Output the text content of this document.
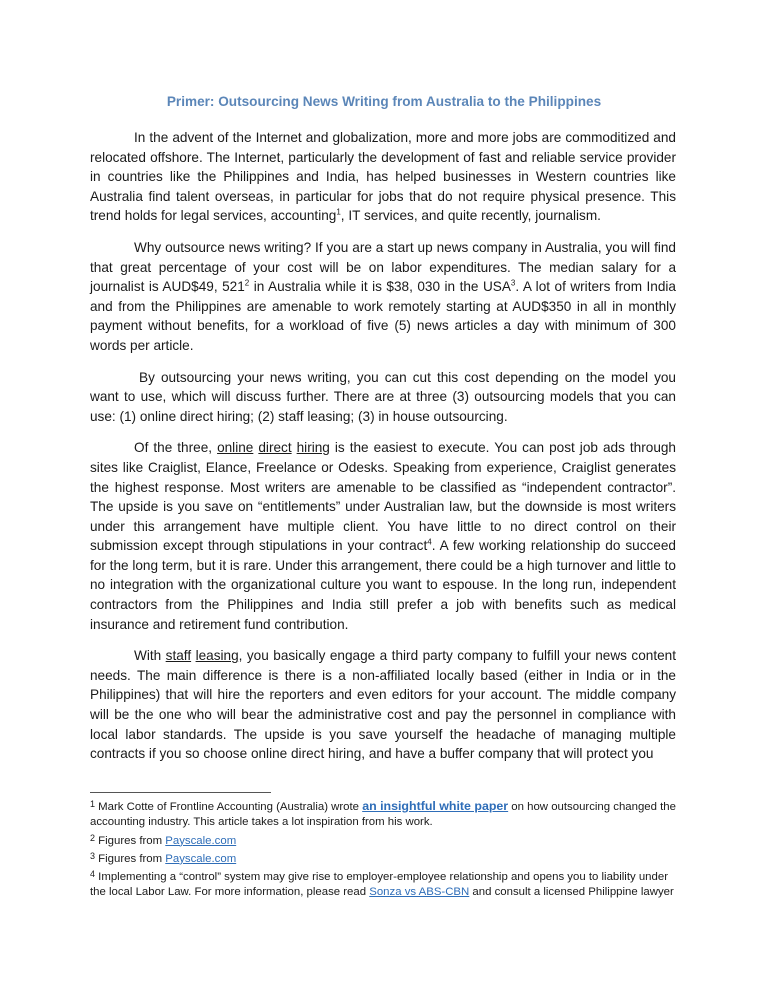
Primer: Outsourcing News Writing from Australia to the Philippines

In the advent of the Internet and globalization, more and more jobs are commoditized and relocated offshore. The Internet, particularly the development of fast and reliable service provider in countries like the Philippines and India, has helped businesses in Western countries like Australia find talent overseas, in particular for jobs that do not require physical presence. This trend holds for legal services, accounting$^1$, IT services, and quite recently, journalism.

Why outsource news writing? If you are a start up news company in Australia, you will find that great percentage of your cost will be on labor expenditures. The median salary for a journalist is AUD$49, $521^2$ in Australia while it is $38, 030 in the USA$^3$. A lot of writers from India and from the Philippines are amenable to work remotely starting at AUD$350 in all in monthly payment without benefits, for a workload of five (5) news articles a day with minimum of 300 words per article.

By outsourcing your news writing, you can cut this cost depending on the model you want to use, which will discuss further. There are at three (3) outsourcing models that you can use: (1) online direct hiring; (2) staff leasing; (3) in house outsourcing.

Of the three, online direct hiring is the easiest to execute. You can post job ads through sites like Craiglist, Elance, Freelance or Odesks. Speaking from experience, Craiglist generates the highest response. Most writers are amenable to be classified as “independent contractor”. The upside is you save on “entitlements” under Australian law, but the downside is most writers under this arrangement have multiple client. You have little to no direct control on their submission except through stipulations in your contract$^4$. A few working relationship do succeed for the long term, but it is rare. Under this arrangement, there could be a high turnover and little to no integration with the organizational culture you want to espouse. In the long run, independent contractors from the Philippines and India still prefer a job with benefits such as medical insurance and retirement fund contribution.

With staff leasing, you basically engage a third party company to fulfill your news content needs. The main difference is there is a non-affiliated locally based (either in India or in the Philippines) that will hire the reporters and even editors for your account. The middle company will be the one who will bear the administrative cost and pay the personnel in compliance with local labor standards. The upside is you save yourself the headache of managing multiple contracts if you so choose online direct hiring, and have a buffer company that will protect you

$^1$ Mark Cotte of Frontline Accounting (Australia) wrote an insightful white paper on how outsourcing changed the accounting industry. This article takes a lot inspiration from his work.
$^2$ Figures from Payscale.com
$^3$ Figures from Payscale.com
$^4$ Implementing a “control” system may give rise to employer-employee relationship and opens you to liability under the local Labor Law. For more information, please read Sonza vs ABS-CBN and consult a licensed Philippine lawyer
